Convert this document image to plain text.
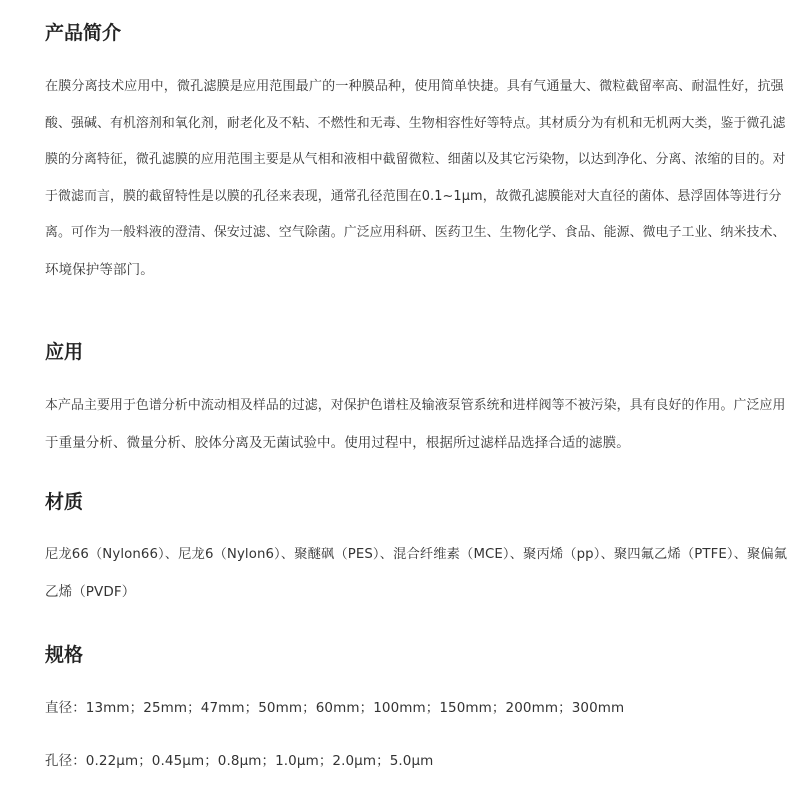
产品简介
在膜分离技术应用中，微孔滤膜是应用范围最广的一种膜品种，使用简单快捷。具有气通量大、微粒截留率高、耐温性好，抗强
酸、强碱、有机溶剂和氧化剂，耐老化及不粘、不燃性和无毒、生物相容性好等特点。其材质分为有机和无机两大类，鉴于微孔滤
膜的分离特征，微孔滤膜的应用范围主要是从气相和液相中截留微粒、细菌以及其它污染物，以达到净化、分离、浓缩的目的。对
于微滤而言，膜的截留特性是以膜的孔径来表现，通常孔径范围在0.1~1μm，故微孔滤膜能对大直径的菌体、悬浮固体等进行分
离。可作为一般料液的澄清、保安过滤、空气除菌。广泛应用科研、医药卫生、生物化学、食品、能源、微电子工业、纳米技术、
环境保护等部门。
应用
本产品主要用于色谱分析中流动相及样品的过滤，对保护色谱柱及输液泵管系统和进样阀等不被污染，具有良好的作用。广泛应用
于重量分析、微量分析、胶体分离及无菌试验中。使用过程中，根据所过滤样品选择合适的滤膜。
材质
尼龙66（Nylon66）、尼龙6（Nylon6）、聚醚砜（PES）、混合纤维素（MCE）、聚丙烯（pp）、聚四氟乙烯（PTFE）、聚偏氟
乙烯（PVDF）
规格
直径：13mm；25mm；47mm；50mm；60mm；100mm；150mm；200mm；300mm
孔径：0.22μm；0.45μm；0.8μm；1.0μm；2.0μm；5.0μm
